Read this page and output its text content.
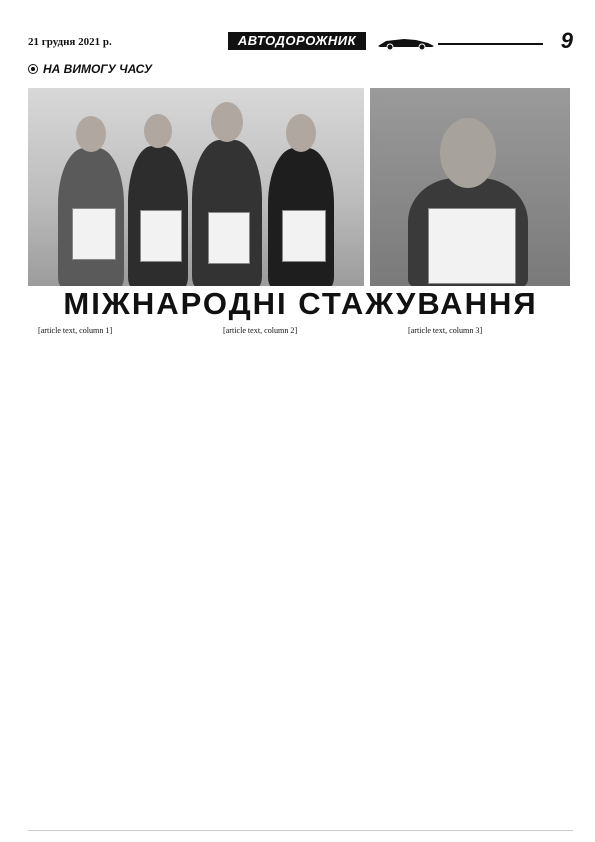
21 грудня 2021 р.	АВТОДОРОЖНИК	9
НА ВИМОГУ ЧАСУ
МІЖНАРОДНІ СТАЖУВАННЯ

[article text, column 1]	[article text, column 2]	[article text, column 3]
